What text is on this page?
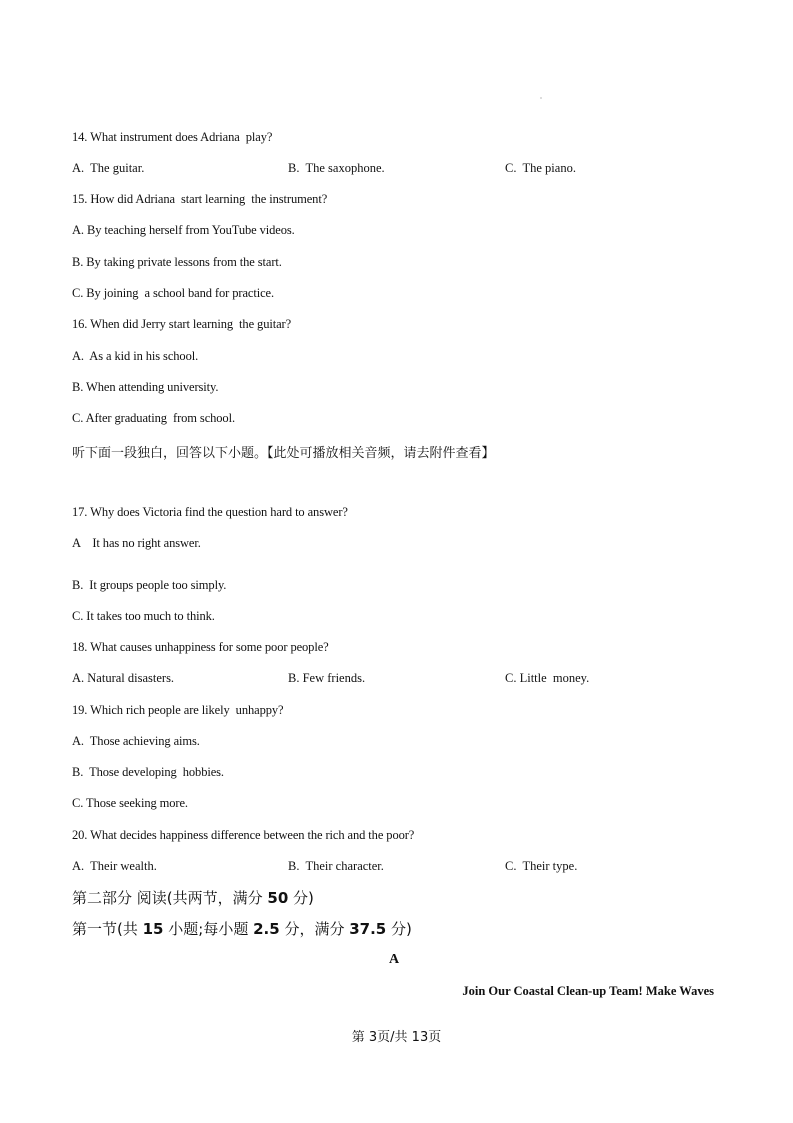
14. What instrument does Adriana  play?
A.  The guitar.	B.  The saxophone.	C.  The piano.
15. How did Adriana  start learning  the instrument?
A. By teaching herself from YouTube videos.
B. By taking private lessons from the start.
C. By joining  a school band for practice.
16. When did Jerry start learning  the guitar?
A.  As a kid in his school.
B. When attending university.
C. After graduating  from school.
听下面一段独白，回答以下小题。【此处可播放相关音频，请去附件查看】
17. Why does Victoria find the question hard to answer?
A    It has no right answer.
B.  It groups people too simply.
C. It takes too much to think.
18. What causes unhappiness for some poor people?
A. Natural disasters.	B. Few friends.	C. Little  money.
19. Which rich people are likely  unhappy?
A.  Those achieving aims.
B.  Those developing  hobbies.
C. Those seeking more.
20. What decides happiness difference between the rich and the poor?
A.  Their wealth.	B.  Their character.	C.  Their type.
第二部分 阅读(共两节，满分 50 分)
第一节(共 15 小题;每小题 2.5 分，满分 37.5 分)
A
Join Our Coastal Clean-up Team! Make Waves
第 3页/共 13页
